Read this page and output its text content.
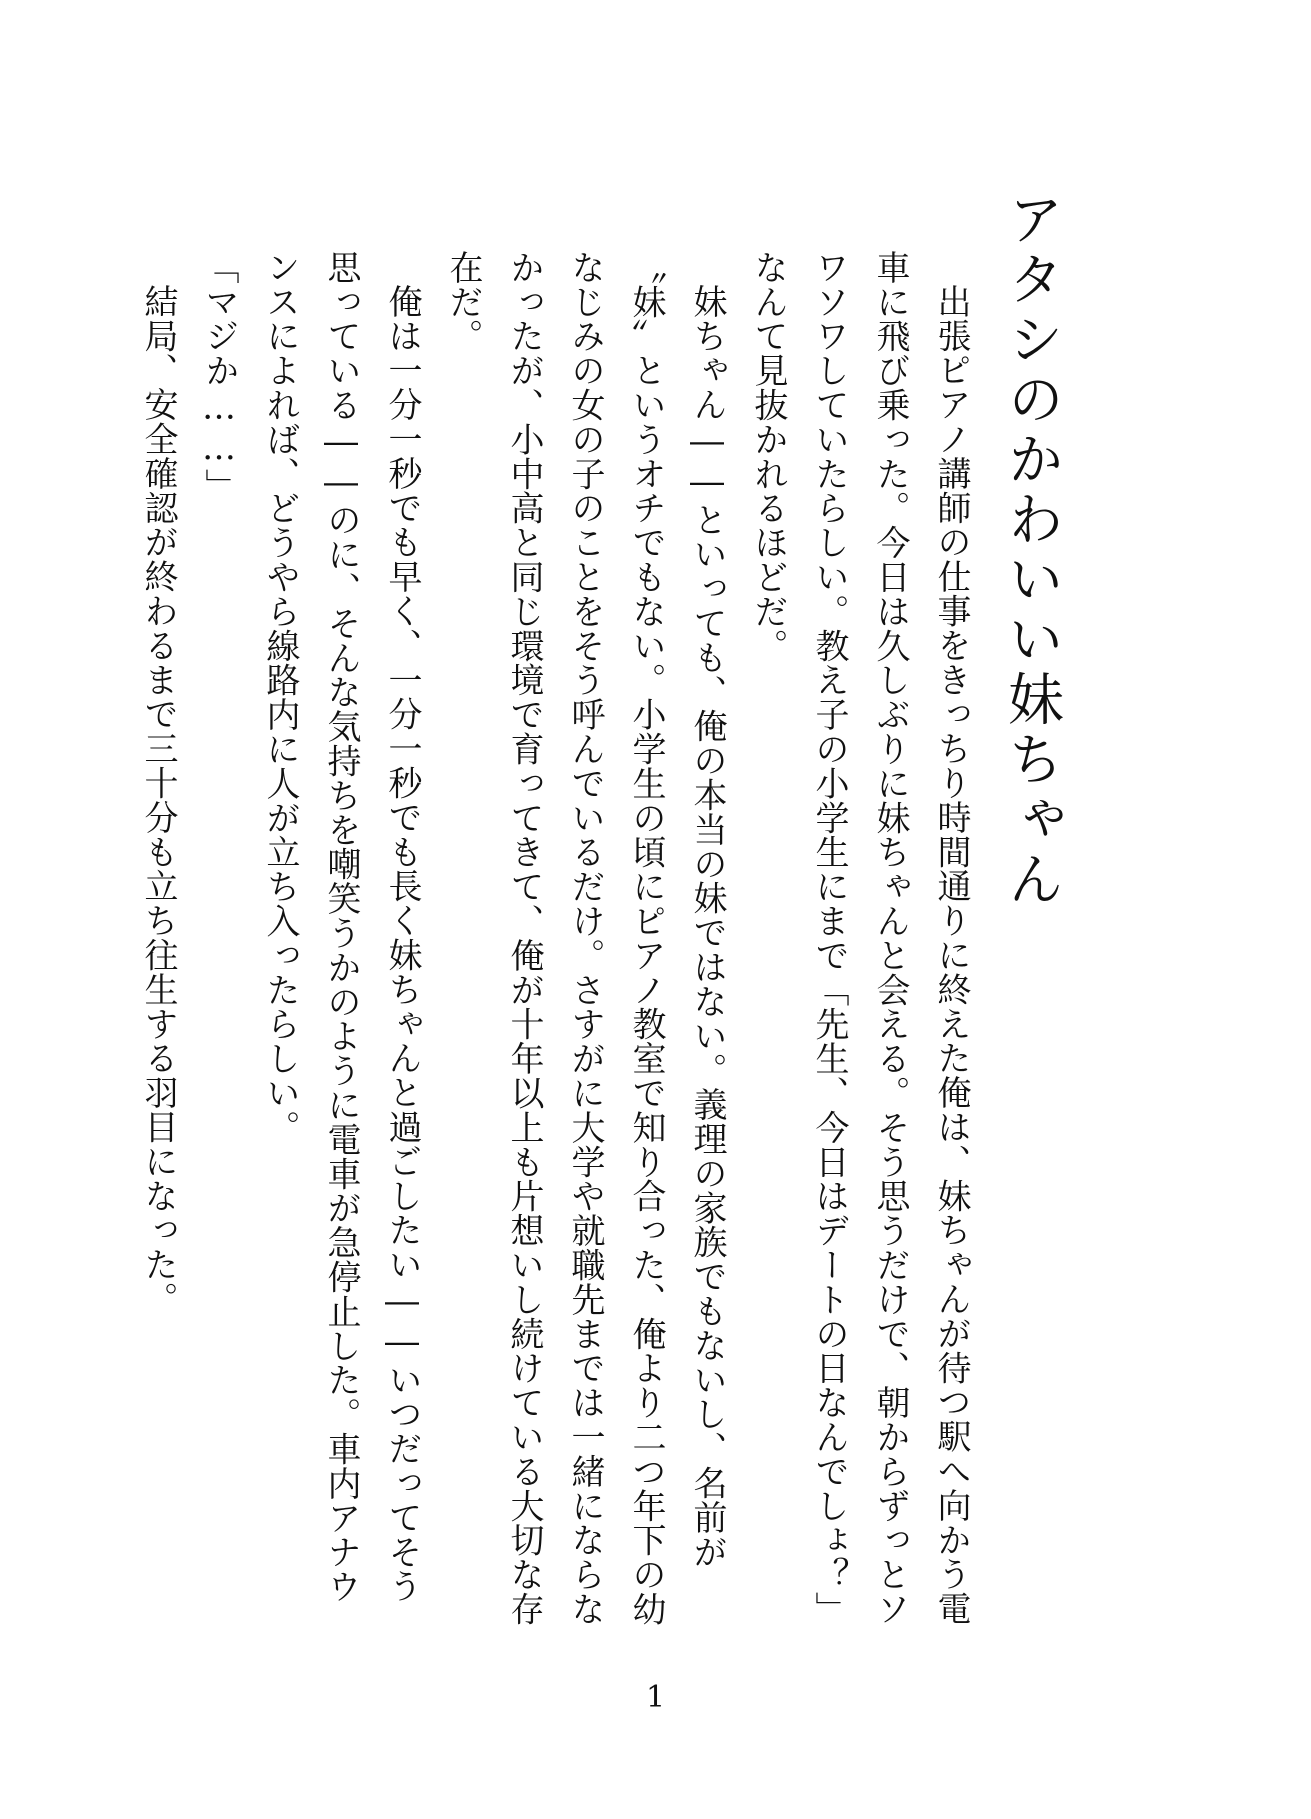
アタシのかわいい妹ちゃん

出張ピアノ講師の仕事をきっちり時間通りに終えた俺は、妹ちゃんが待つ駅へ向かう電車に飛び乗った。今日は久しぶりに妹ちゃんと会える。そう思うだけで、朝からずっとソワソワしていたらしい。教え子の小学生にまで「先生、今日はデートの日なんでしょ？」なんて見抜かれるほどだ。

妹ちゃん――といっても、俺の本当の妹ではない。義理の家族でもないし、名前が〝妹〟というオチでもない。小学生の頃にピアノ教室で知り合った、俺より二つ年下の幼なじみの女の子のことをそう呼んでいるだけ。さすがに大学や就職先までは一緒にならなかったが、小中高と同じ環境で育ってきて、俺が十年以上も片想いし続けている大切な存在だ。

俺は一分一秒でも早く、一分一秒でも長く妹ちゃんと過ごしたい――いつだってそう思っている――のに、そんな気持ちを嘲笑うかのように電車が急停止した。車内アナウンスによれば、どうやら線路内に人が立ち入ったらしい。

「マジか……」

結局、安全確認が終わるまで三十分も立ち往生する羽目になった。

1
